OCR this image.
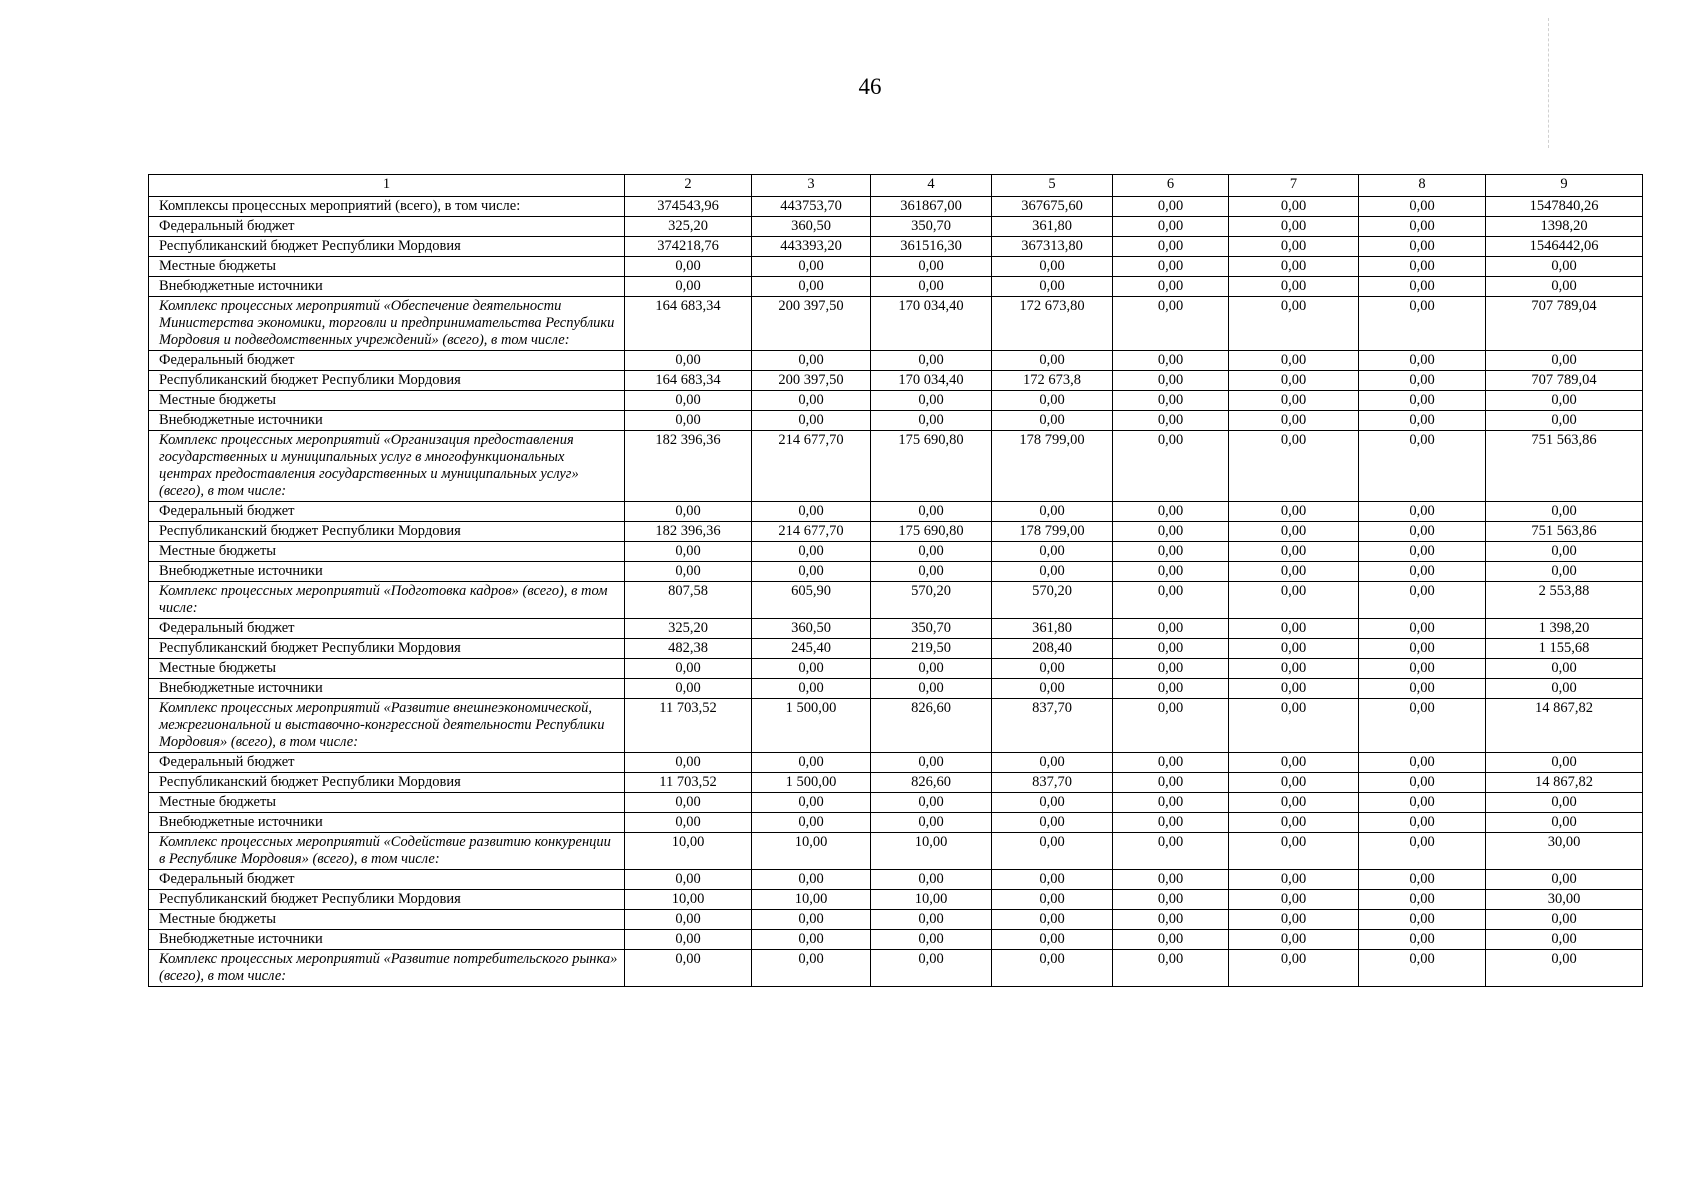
46
1	2	3	4	5	6	7	8	9
Комплексы процессных мероприятий (всего), в том числе:	374543,96	443753,70	361867,00	367675,60	0,00	0,00	0,00	1547840,26
Федеральный бюджет	325,20	360,50	350,70	361,80	0,00	0,00	0,00	1398,20
Республиканский бюджет Республики Мордовия	374218,76	443393,20	361516,30	367313,80	0,00	0,00	0,00	1546442,06
Местные бюджеты	0,00	0,00	0,00	0,00	0,00	0,00	0,00	0,00
Внебюджетные источники	0,00	0,00	0,00	0,00	0,00	0,00	0,00	0,00
Комплекс процессных мероприятий «Обеспечение деятельности Министерства экономики, торговли и предпринимательства Республики Мордовия и подведомственных учреждений» (всего), в том числе:	164 683,34	200 397,50	170 034,40	172 673,80	0,00	0,00	0,00	707 789,04
Федеральный бюджет	0,00	0,00	0,00	0,00	0,00	0,00	0,00	0,00
Республиканский бюджет Республики Мордовия	164 683,34	200 397,50	170 034,40	172 673,8	0,00	0,00	0,00	707 789,04
Местные бюджеты	0,00	0,00	0,00	0,00	0,00	0,00	0,00	0,00
Внебюджетные источники	0,00	0,00	0,00	0,00	0,00	0,00	0,00	0,00
Комплекс процессных мероприятий «Организация предоставления государственных и муниципальных услуг в многофункциональных центрах предоставления государственных и муниципальных услуг» (всего), в том числе:	182 396,36	214 677,70	175 690,80	178 799,00	0,00	0,00	0,00	751 563,86
Федеральный бюджет	0,00	0,00	0,00	0,00	0,00	0,00	0,00	0,00
Республиканский бюджет Республики Мордовия	182 396,36	214 677,70	175 690,80	178 799,00	0,00	0,00	0,00	751 563,86
Местные бюджеты	0,00	0,00	0,00	0,00	0,00	0,00	0,00	0,00
Внебюджетные источники	0,00	0,00	0,00	0,00	0,00	0,00	0,00	0,00
Комплекс процессных мероприятий «Подготовка кадров» (всего), в том числе:	807,58	605,90	570,20	570,20	0,00	0,00	0,00	2 553,88
Федеральный бюджет	325,20	360,50	350,70	361,80	0,00	0,00	0,00	1 398,20
Республиканский бюджет Республики Мордовия	482,38	245,40	219,50	208,40	0,00	0,00	0,00	1 155,68
Местные бюджеты	0,00	0,00	0,00	0,00	0,00	0,00	0,00	0,00
Внебюджетные источники	0,00	0,00	0,00	0,00	0,00	0,00	0,00	0,00
Комплекс процессных мероприятий «Развитие внешнеэкономической, межрегиональной и выставочно-конгрессной деятельности Республики Мордовия» (всего), в том числе:	11 703,52	1 500,00	826,60	837,70	0,00	0,00	0,00	14 867,82
Федеральный бюджет	0,00	0,00	0,00	0,00	0,00	0,00	0,00	0,00
Республиканский бюджет Республики Мордовия	11 703,52	1 500,00	826,60	837,70	0,00	0,00	0,00	14 867,82
Местные бюджеты	0,00	0,00	0,00	0,00	0,00	0,00	0,00	0,00
Внебюджетные источники	0,00	0,00	0,00	0,00	0,00	0,00	0,00	0,00
Комплекс процессных мероприятий «Содействие развитию конкуренции в Республике Мордовия» (всего), в том числе:	10,00	10,00	10,00	0,00	0,00	0,00	0,00	30,00
Федеральный бюджет	0,00	0,00	0,00	0,00	0,00	0,00	0,00	0,00
Республиканский бюджет Республики Мордовия	10,00	10,00	10,00	0,00	0,00	0,00	0,00	30,00
Местные бюджеты	0,00	0,00	0,00	0,00	0,00	0,00	0,00	0,00
Внебюджетные источники	0,00	0,00	0,00	0,00	0,00	0,00	0,00	0,00
Комплекс процессных мероприятий «Развитие потребительского рынка» (всего), в том числе:	0,00	0,00	0,00	0,00	0,00	0,00	0,00	0,00
